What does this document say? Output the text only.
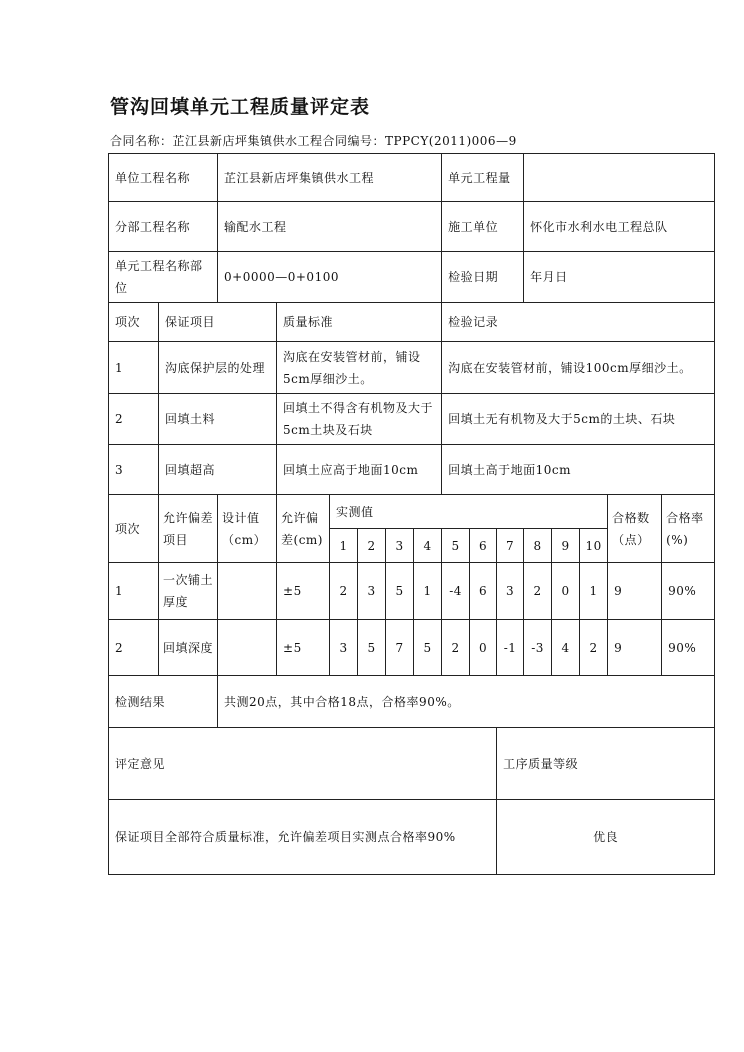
管沟回填单元工程质量评定表
合同名称：芷江县新店坪集镇供水工程合同编号：TPPCY(2011)006—9
单位工程名称		芷江县新店坪集镇供水工程						单元工程量							
分部工程名称		输配水工程						施工单位			怀化市水利水电工程总队				
单元工程名称部位		0+0000—0+0100						检验日期			年月日				
项次	保证项目		质量标准					检验记录							
1	沟底保护层的处理		沟底在安装管材前，铺设5cm厚细沙土。					沟底在安装管材前，铺设100cm厚细沙土。							
2	回填土料		回填土不得含有机物及大于5cm土块及石块					回填土无有机物及大于5cm的土块、石块							
3	回填超高		回填土应高于地面10cm					回填土高于地面10cm							
项次	允许偏差项目	设计值（cm）	允许偏差(cm)	实测值										合格数（点）	合格率(%)
				1	2	3	4	5	6	7	8	9	10		
1	一次铺土厚度		±5	2	3	5	1	-4	6	3	2	0	1	9	90%
2	回填深度		±5	3	5	7	5	2	0	-1	-3	4	2	9	90%
检测结果		共测20点，其中合格18点，合格率90%。													
评定意见										工序质量等级					
保证项目全部符合质量标准，允许偏差项目实测点合格率90%										优良					
